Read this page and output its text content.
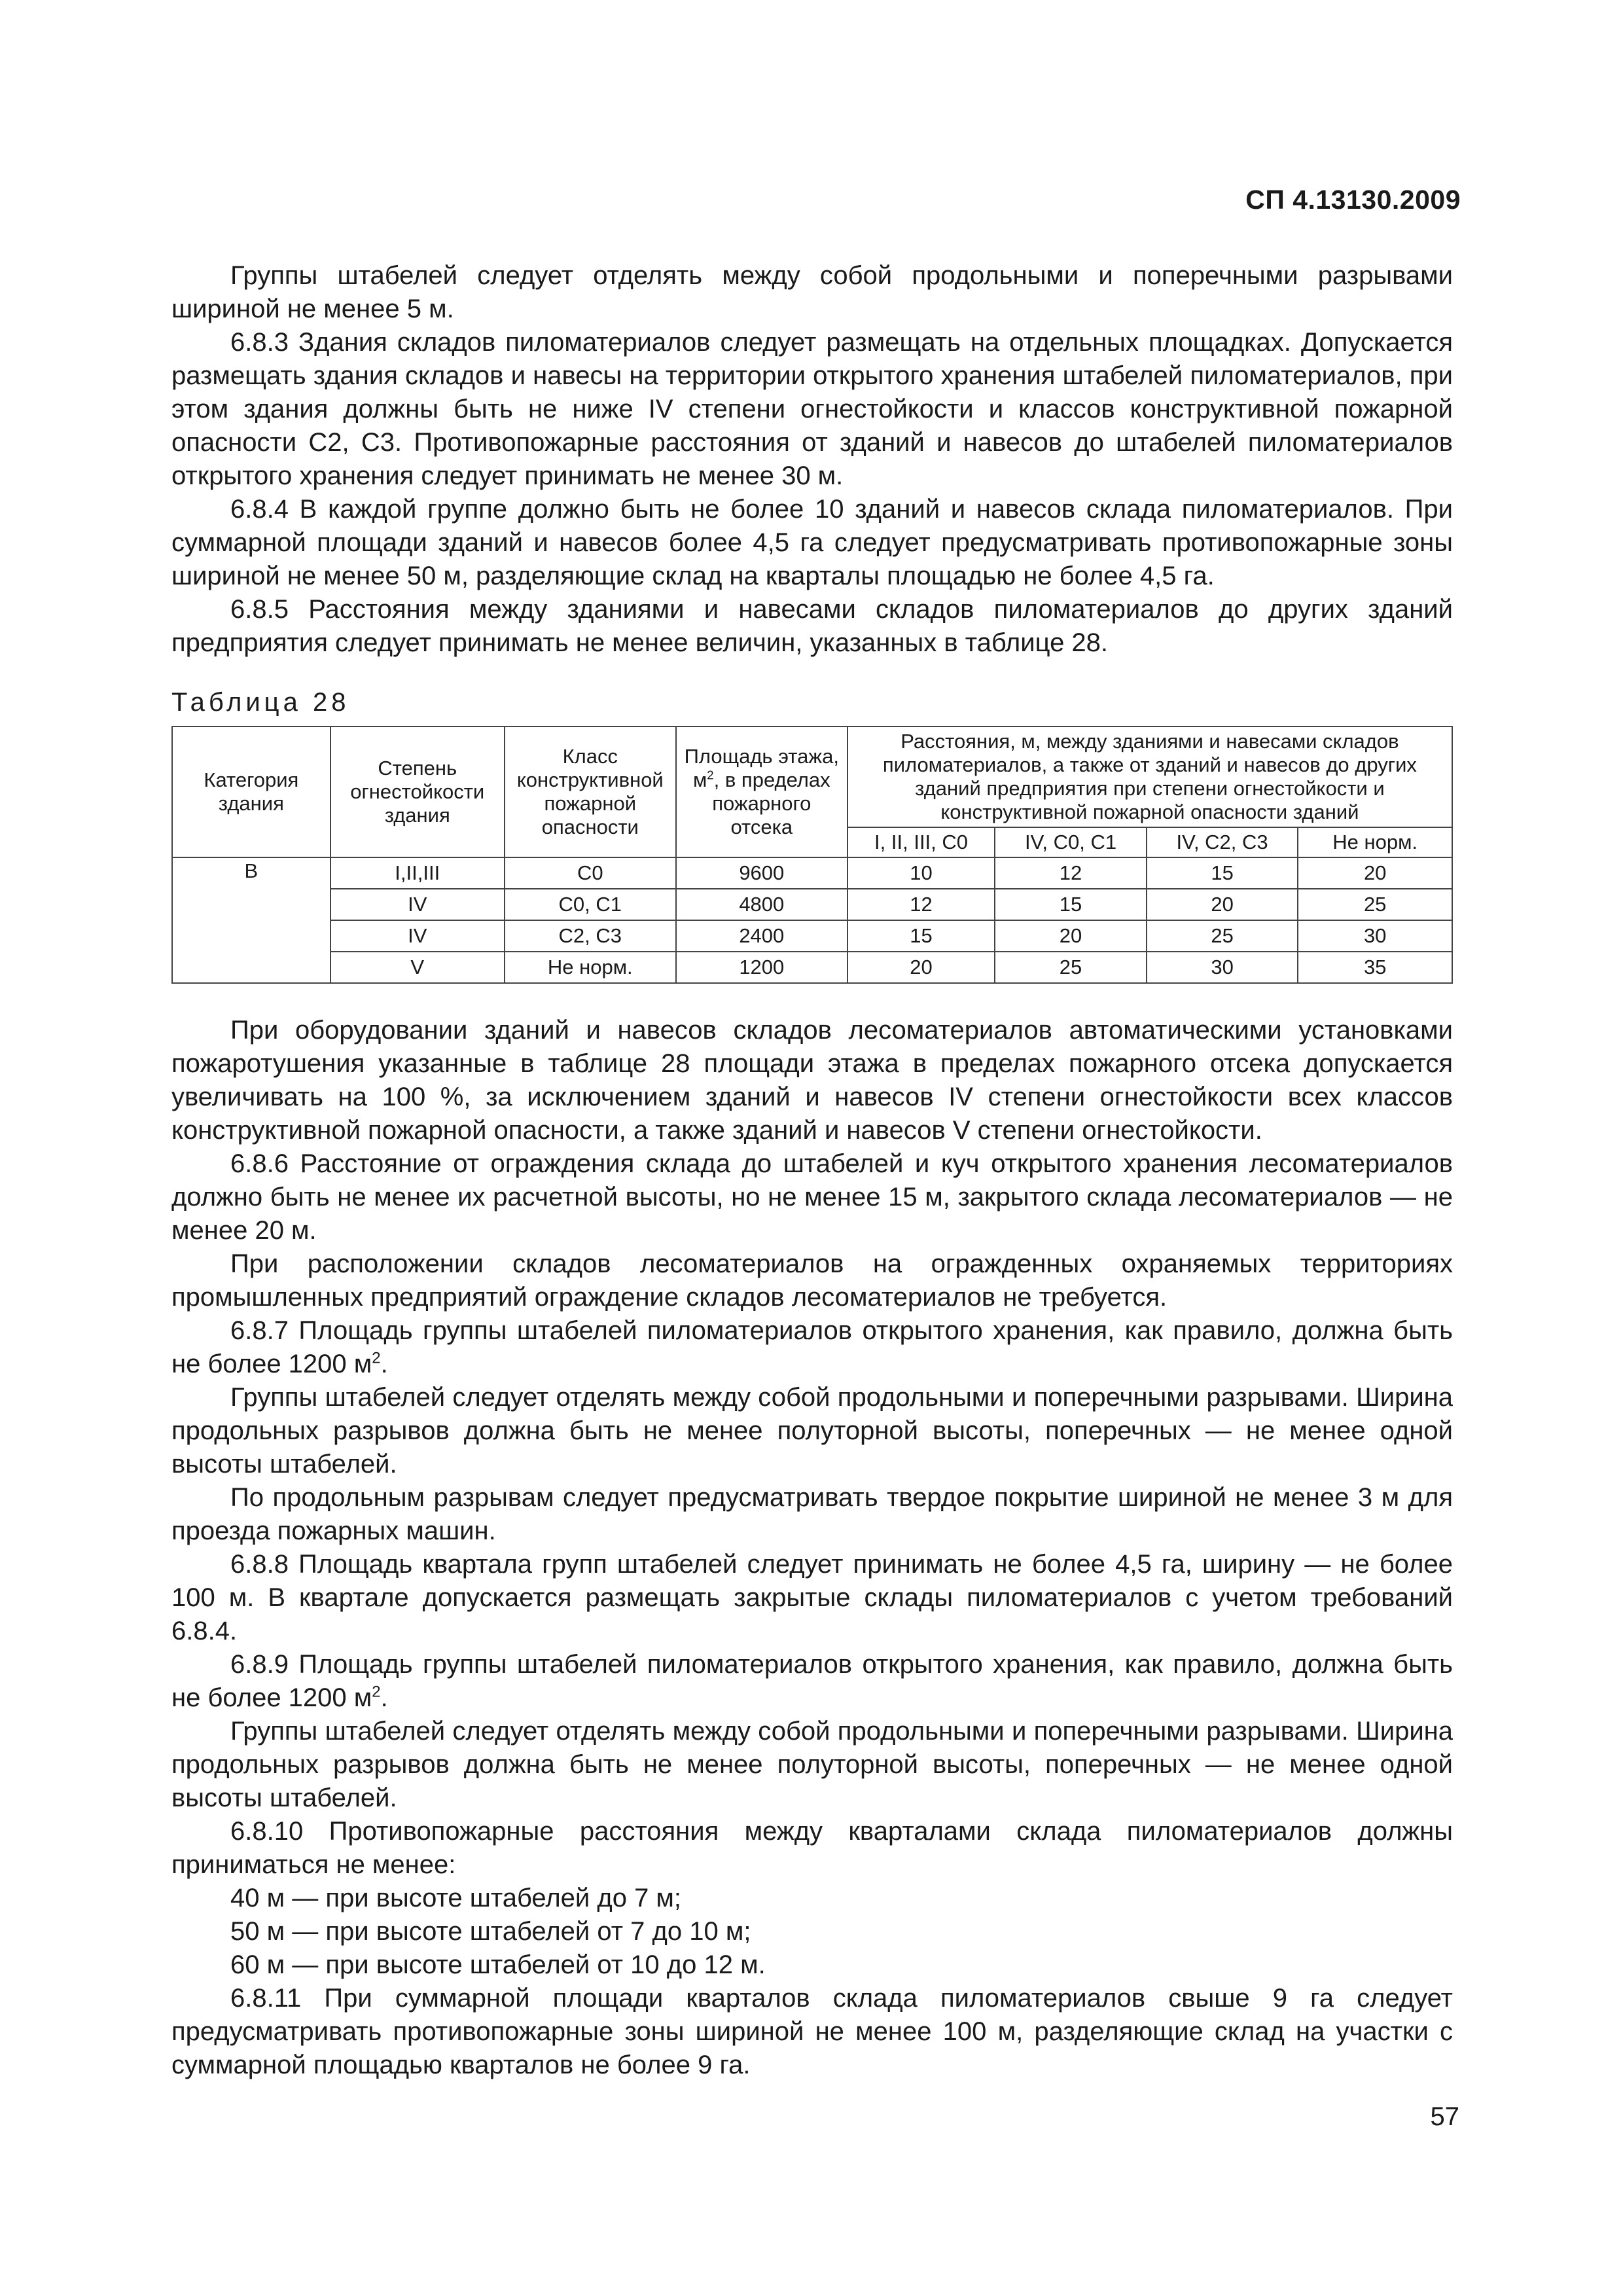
СП 4.13130.2009

Группы штабелей следует отделять между собой продольными и поперечными разрывами шириной не менее 5 м.

6.8.3 Здания складов пиломатериалов следует размещать на отдельных площадках. Допускается размещать здания складов и навесы на территории открытого хранения штабелей пиломатериалов, при этом здания должны быть не ниже IV степени огнестойкости и классов конструктивной пожарной опасности С2, С3. Противопожарные расстояния от зданий и навесов до штабелей пиломатериалов открытого хранения следует принимать не менее 30 м.

6.8.4 В каждой группе должно быть не более 10 зданий и навесов склада пиломатериалов. При суммарной площади зданий и навесов более 4,5 га следует предусматривать противопожарные зоны шириной не менее 50 м, разделяющие склад на кварталы площадью не более 4,5 га.

6.8.5 Расстояния между зданиями и навесами складов пиломатериалов до других зданий предприятия следует принимать не менее величин, указанных в таблице 28.

Таблица 28
Категория здания	Степень огнестойкости здания	Класс конструктивной пожарной опасности	Площадь этажа, $м^2$, в пределах пожарного отсека	Расстояния, м, между зданиями и навесами складов пиломатериалов, а также от зданий и навесов до других зданий предприятия при степени огнестойкости и конструктивной пожарной опасности зданий			
				I, II, III, С0	IV, С0, С1	IV, С2, С3	Не норм.
В	I,II,III	С0	9600	10	12	15	20
	IV	С0, С1	4800	12	15	20	25
	IV	С2, С3	2400	15	20	25	30
	V	Не норм.	1200	20	25	30	35

При оборудовании зданий и навесов складов лесоматериалов автоматическими установками пожаротушения указанные в таблице 28 площади этажа в пределах пожарного отсека допускается увеличивать на 100 %, за исключением зданий и навесов IV степени огнестойкости всех классов конструктивной пожарной опасности, а также зданий и навесов V степени огнестойкости.

6.8.6 Расстояние от ограждения склада до штабелей и куч открытого хранения лесоматериалов должно быть не менее их расчетной высоты, но не менее 15 м, закрытого склада лесоматериалов — не менее 20 м.

При расположении складов лесоматериалов на огражденных охраняемых территориях промышленных предприятий ограждение складов лесоматериалов не требуется.

6.8.7 Площадь группы штабелей пиломатериалов открытого хранения, как правило, должна быть не более 1200 $м^2$.

Группы штабелей следует отделять между собой продольными и поперечными разрывами. Ширина продольных разрывов должна быть не менее полуторной высоты, поперечных — не менее одной высоты штабелей.

По продольным разрывам следует предусматривать твердое покрытие шириной не менее 3 м для проезда пожарных машин.

6.8.8 Площадь квартала групп штабелей следует принимать не более 4,5 га, ширину — не более 100 м. В квартале допускается размещать закрытые склады пиломатериалов с учетом требований 6.8.4.

6.8.9 Площадь группы штабелей пиломатериалов открытого хранения, как правило, должна быть не более 1200 $м^2$.

Группы штабелей следует отделять между собой продольными и поперечными разрывами. Ширина продольных разрывов должна быть не менее полуторной высоты, поперечных — не менее одной высоты штабелей.

6.8.10 Противопожарные расстояния между кварталами склада пиломатериалов должны приниматься не менее:

40 м — при высоте штабелей до 7 м;

50 м — при высоте штабелей от 7 до 10 м;

60 м — при высоте штабелей от 10 до 12 м.

6.8.11 При суммарной площади кварталов склада пиломатериалов свыше 9 га следует предусматривать противопожарные зоны шириной не менее 100 м, разделяющие склад на участки с суммарной площадью кварталов не более 9 га.

57
